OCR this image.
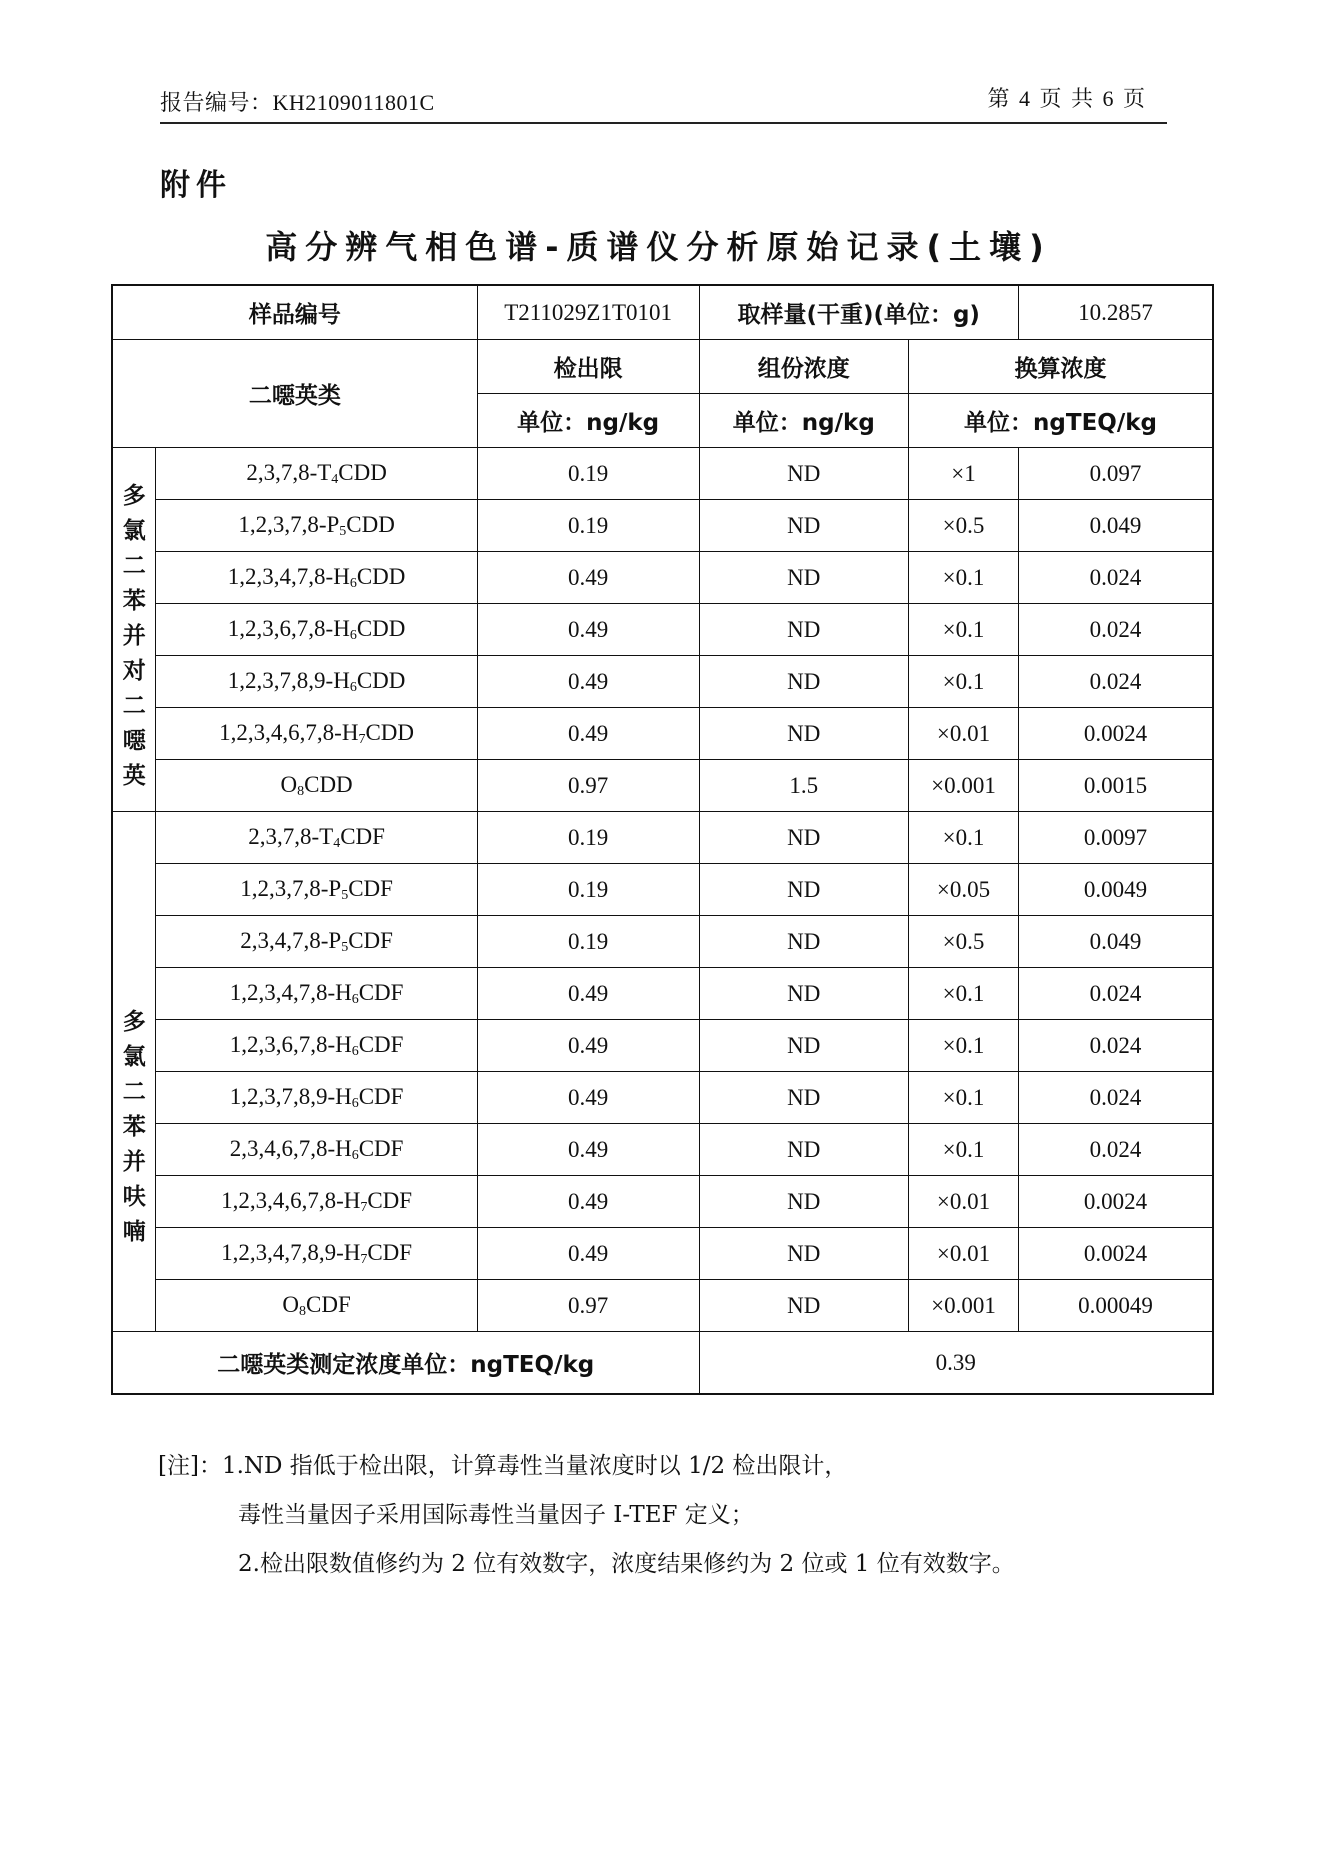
报告编号：KH2109011801C	第 4 页 共 6 页
附件
高分辨气相色谱-质谱仪分析原始记录(土壤)
样品编号		T211029Z1T0101	取样量(干重)(单位：g)		10.2857
二噁英类		检出限	组份浓度	换算浓度	
		单位：ng/kg	单位：ng/kg	单位：ngTEQ/kg	
多氯二苯并对二噁英	$2,3,7,8-T_4CDD$	0.19	ND	×1	0.097
	$1,2,3,7,8-P_5CDD$	0.19	ND	×0.5	0.049
	$1,2,3,4,7,8-H_6CDD$	0.49	ND	×0.1	0.024
	$1,2,3,6,7,8-H_6CDD$	0.49	ND	×0.1	0.024
	$1,2,3,7,8,9-H_6CDD$	0.49	ND	×0.1	0.024
	$1,2,3,4,6,7,8-H_7CDD$	0.49	ND	×0.01	0.0024
	$O_8CDD$	0.97	1.5	×0.001	0.0015
多氯二苯并呋喃	$2,3,7,8-T_4CDF$	0.19	ND	×0.1	0.0097
	$1,2,3,7,8-P_5CDF$	0.19	ND	×0.05	0.0049
	$2,3,4,7,8-P_5CDF$	0.19	ND	×0.5	0.049
	$1,2,3,4,7,8-H_6CDF$	0.49	ND	×0.1	0.024
	$1,2,3,6,7,8-H_6CDF$	0.49	ND	×0.1	0.024
	$1,2,3,7,8,9-H_6CDF$	0.49	ND	×0.1	0.024
	$2,3,4,6,7,8-H_6CDF$	0.49	ND	×0.1	0.024
	$1,2,3,4,6,7,8-H_7CDF$	0.49	ND	×0.01	0.0024
	$1,2,3,4,7,8,9-H_7CDF$	0.49	ND	×0.01	0.0024
	$O_8CDF$	0.97	ND	×0.001	0.00049
二噁英类测定浓度单位：ngTEQ/kg			0.39		
[注]：1.ND 指低于检出限，计算毒性当量浓度时以 1/2 检出限计，
毒性当量因子采用国际毒性当量因子 I-TEF 定义；
2.检出限数值修约为 2 位有效数字，浓度结果修约为 2 位或 1 位有效数字。
